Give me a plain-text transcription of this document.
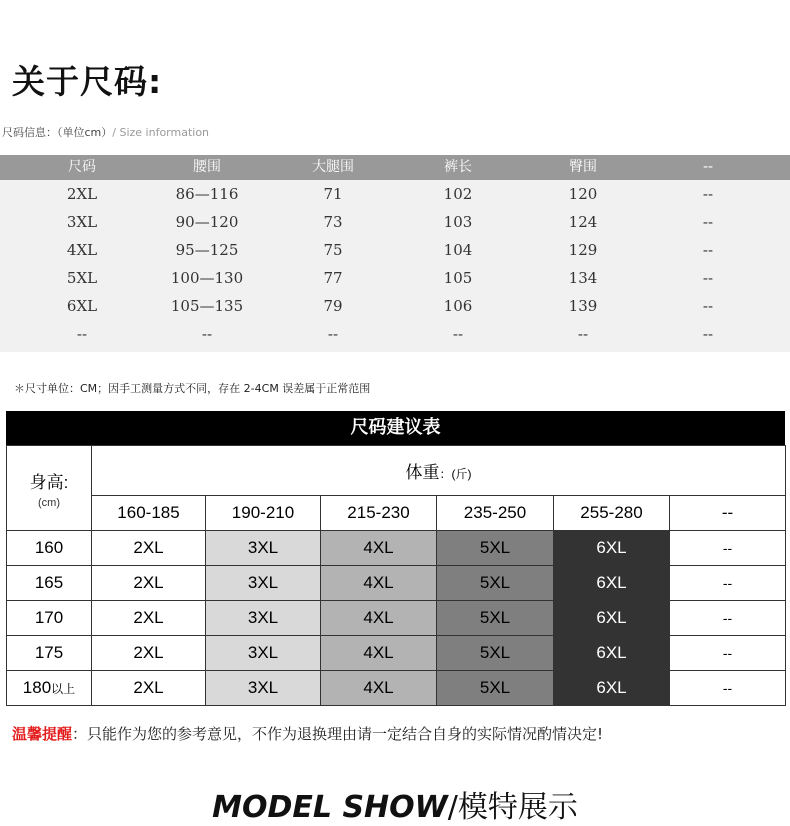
关于尺码:
尺码信息：（单位cm）/ Size information
尺码	腰围	大腿围	裤长	臀围	--
2XL	86—116	71	102	120	--
3XL	90—120	73	103	124	--
4XL	95—125	75	104	129	--
5XL	100—130	77	105	134	--
6XL	105—135	79	106	139	--
--	--	--	--	--	--
＊尺寸单位：CM；因手工测量方式不同，存在 2-4CM 误差属于正常范围
尺码建议表
身高:
(cm)	体重：(斤)					
	160-185	190-210	215-230	235-250	255-280	--
160	2XL	3XL	4XL	5XL	6XL	--
165	2XL	3XL	4XL	5XL	6XL	--
170	2XL	3XL	4XL	5XL	6XL	--
175	2XL	3XL	4XL	5XL	6XL	--
180以上	2XL	3XL	4XL	5XL	6XL	--
温馨提醒：只能作为您的参考意见，不作为退换理由请一定结合自身的实际情况酌情决定!
MODEL SHOW/模特展示
